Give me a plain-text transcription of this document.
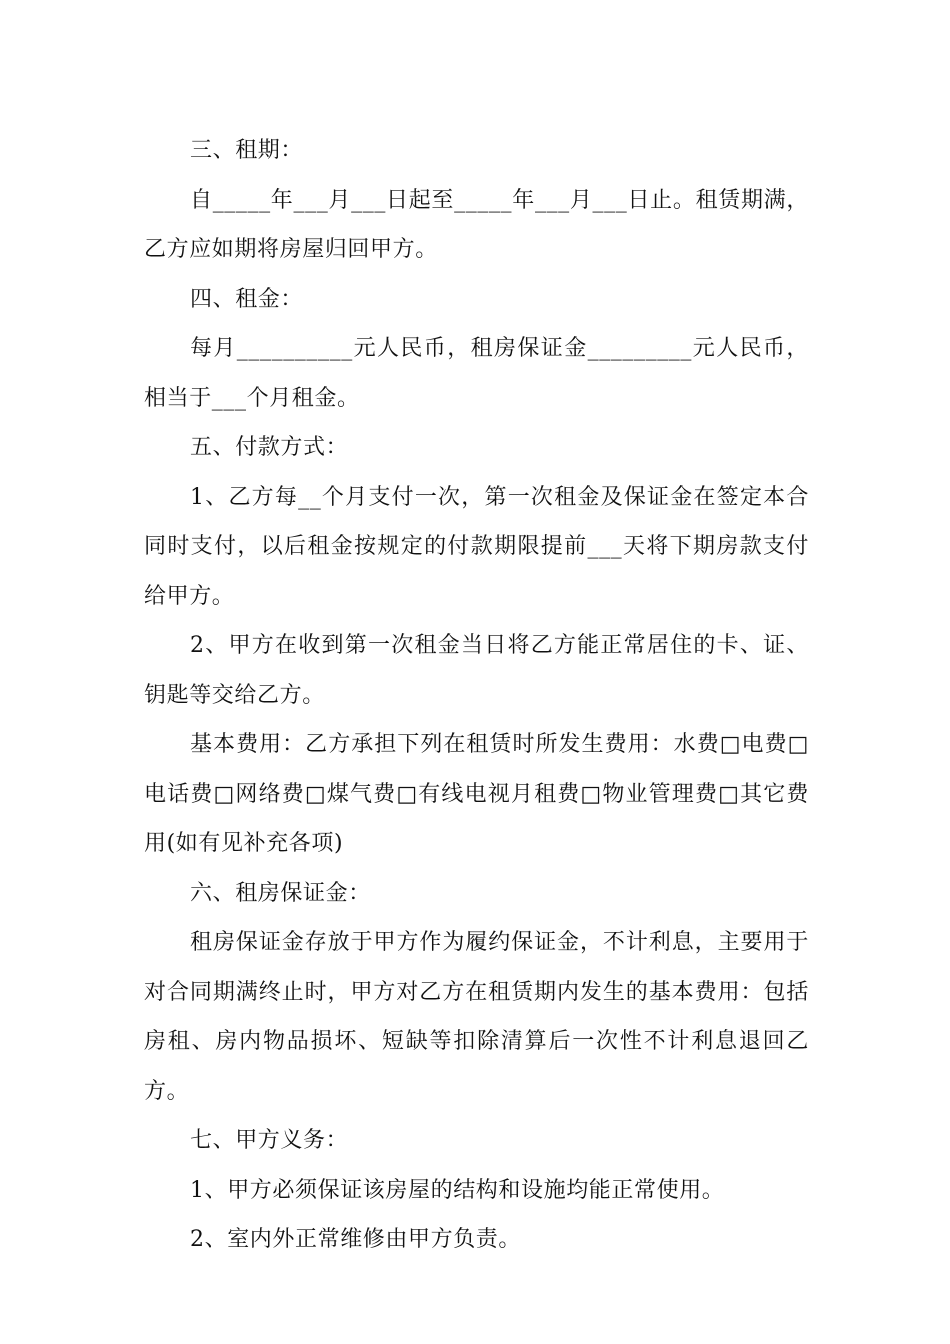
三、租期：

自_____年___月___日起至_____年___月___日止。租赁期满，乙方应如期将房屋归回甲方。

四、租金：

每月__________元人民币，租房保证金_________元人民币，相当于___个月租金。

五、付款方式：

1、乙方每__个月支付一次，第一次租金及保证金在签定本合同时支付，以后租金按规定的付款期限提前___天将下期房款支付给甲方。

2、甲方在收到第一次租金当日将乙方能正常居住的卡、证、钥匙等交给乙方。

基本费用：乙方承担下列在租赁时所发生费用：水费□电费□电话费□网络费□煤气费□有线电视月租费□物业管理费□其它费用(如有见补充各项)

六、租房保证金：

租房保证金存放于甲方作为履约保证金，不计利息，主要用于对合同期满终止时，甲方对乙方在租赁期内发生的基本费用：包括房租、房内物品损坏、短缺等扣除清算后一次性不计利息退回乙方。

七、甲方义务：

1、甲方必须保证该房屋的结构和设施均能正常使用。

2、室内外正常维修由甲方负责。
